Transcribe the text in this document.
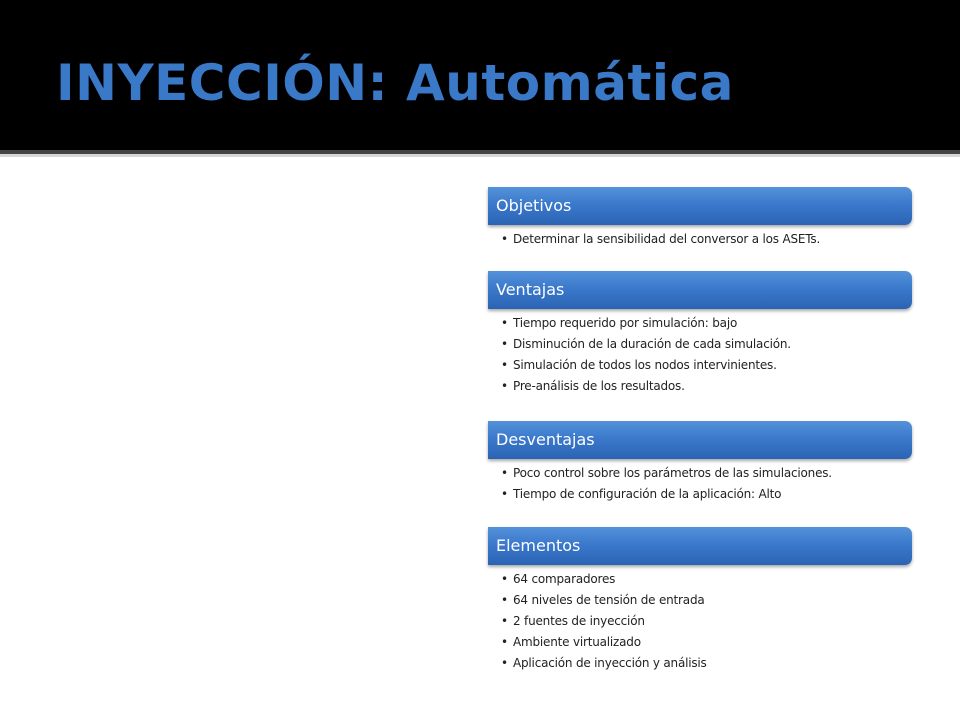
INYECCIÓN: Automática
Objetivos
• Determinar la sensibilidad del conversor a los ASETs.
Ventajas
• Tiempo requerido por simulación: bajo
• Disminución de la duración de cada simulación.
• Simulación de todos los nodos intervinientes.
• Pre-análisis de los resultados.
Desventajas
• Poco control sobre los parámetros de las simulaciones.
• Tiempo de configuración de la aplicación: Alto
Elementos
• 64 comparadores
• 64 niveles de tensión de entrada
• 2 fuentes de inyección
• Ambiente virtualizado
• Aplicación de inyección y análisis
